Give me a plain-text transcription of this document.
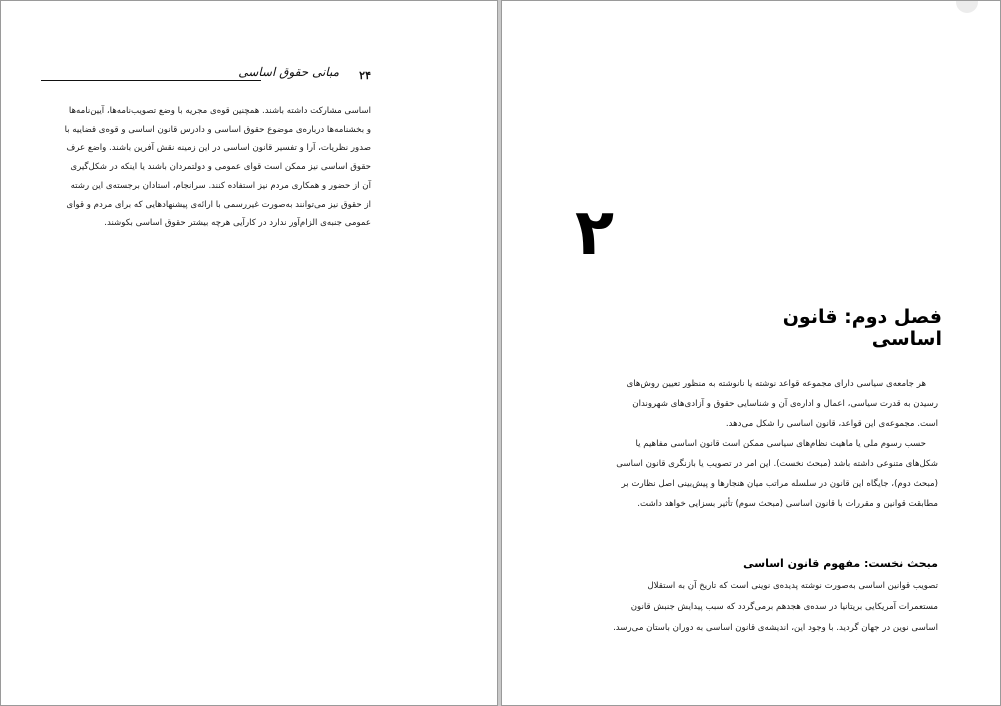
۲۴
مبانی حقوق اساسی

اساسی مشارکت داشته باشند. همچنین قوه‌ی مجریه با وضع تصویب‌نامه‌ها، آیین‌نامه‌ها

و بخشنامه‌ها درباره‌ی موضوع حقوق اساسی و دادرس قانون اساسی و قوه‌ی قضاییه با

صدور نظریات، آرا و تفسیر قانون اساسی در این زمینه نقش آفرین باشند. واضع عرف

حقوق اساسی نیز ممکن است قوای عمومی و دولتمردان باشند یا اینکه در شکل‌گیری

آن از حضور و همکاری مردم نیز استفاده کنند. سرانجام، استادان برجسته‌ی این رشته

از حقوق نیز می‌توانند به‌صورت غیررسمی با ارائه‌ی پیشنهادهایی که برای مردم و قوای

عمومی جنبه‌ی الزام‌آور ندارد در کارآیی هرچه بیشتر حقوق اساسی بکوشند.	۲
فصل دوم: قانون اساسی

هر جامعه‌ی سیاسی دارای مجموعه قواعد نوشته یا نانوشته به منظور تعیین روش‌های

رسیدن به قدرت سیاسی، اعمال و اداره‌ی آن و شناسایی حقوق و آزادی‌های شهروندان

است. مجموعه‌ی این قواعد، قانون اساسی را شکل می‌دهد.

حسب رسوم ملی یا ماهیت نظام‌های سیاسی ممکن است قانون اساسی مفاهیم یا

شکل‌های متنوعی داشته باشد (مبحث نخست). این امر در تصویب یا بازنگری قانون اساسی

(مبحث دوم)، جایگاه این قانون در سلسله مراتب میان هنجارها و پیش‌بینی اصل نظارت بر

مطابقت قوانین و مقررات با قانون اساسی (مبحث سوم) تأثیر بسزایی خواهد داشت.

مبحث نخست: مفهوم قانون اساسی

تصویب قوانین اساسی به‌صورت نوشته پدیده‌ی نوینی است که تاریخ آن به استقلال

مستعمرات آمریکایی بریتانیا در سده‌ی هجدهم برمی‌گردد که سبب پیدایش جنبش قانون

اساسی نوین در جهان گردید. با وجود این، اندیشه‌ی قانون اساسی به دوران باستان می‌رسد.
